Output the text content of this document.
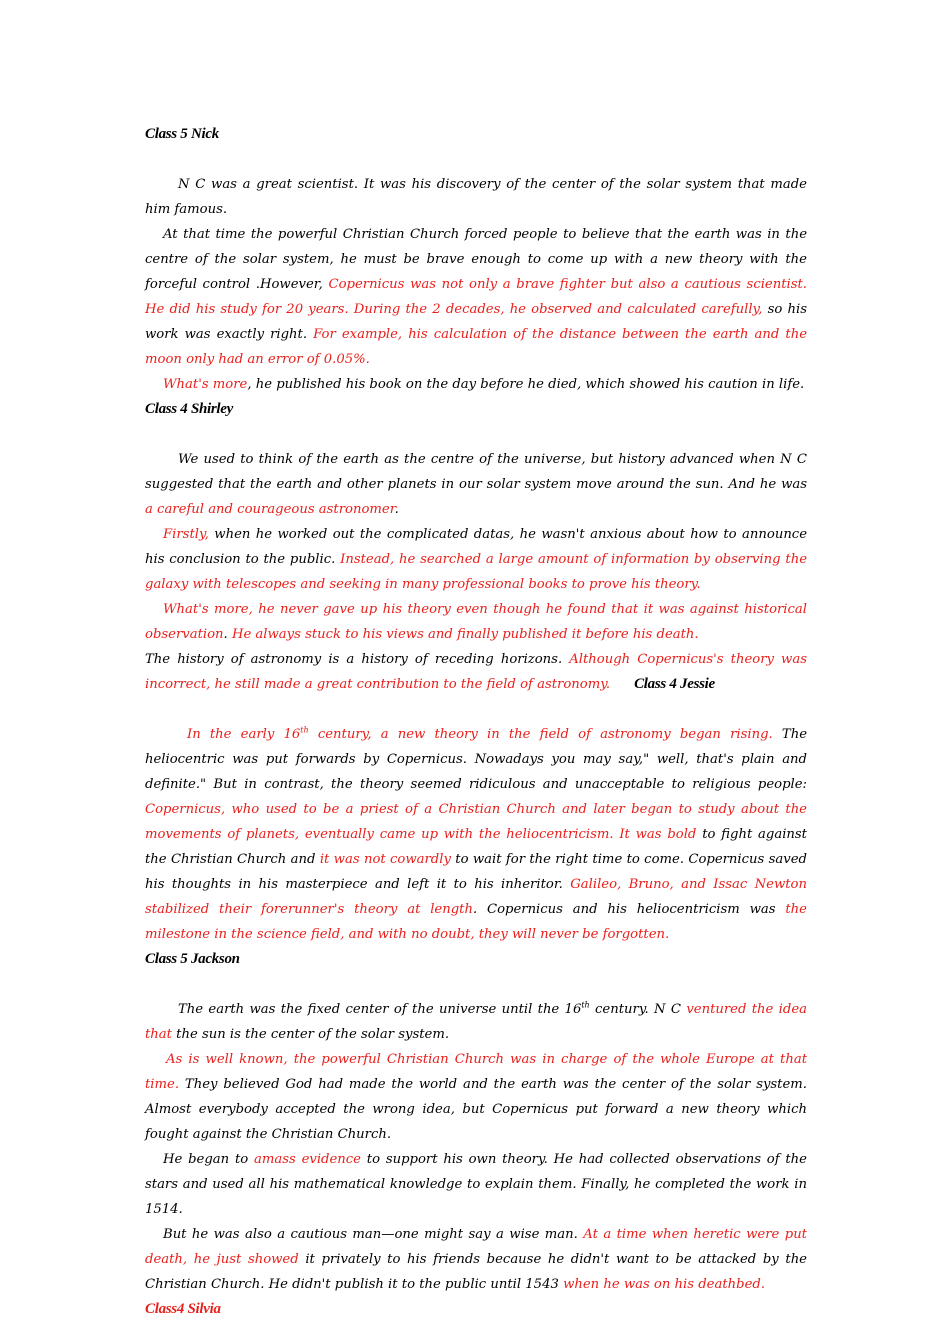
Class 5 Nick

N C was a great scientist. It was his discovery of the center of the solar system that made him famous.

At that time the powerful Christian Church forced people to believe that the earth was in the centre of the solar system, he must be brave enough to come up with a new theory with the forceful control .However, Copernicus was not only a brave fighter but also a cautious scientist. He did his study for 20 years. During the 2 decades, he observed and calculated carefully, so his work was exactly right. For example, his calculation of the distance between the earth and the moon only had an error of 0.05%.

What's more, he published his book on the day before he died, which showed his caution in life.

Class 4 Shirley

We used to think of the earth as the centre of the universe, but history advanced when N C suggested that the earth and other planets in our solar system move around the sun. And he was a careful and courageous astronomer.

Firstly, when he worked out the complicated datas, he wasn't anxious about how to announce his conclusion to the public. Instead, he searched a large amount of information by observing the galaxy with telescopes and seeking in many professional books to prove his theory.

What's more, he never gave up his theory even though he found that it was against historical observation. He always stuck to his views and finally published it before his death.

The history of astronomy is a history of receding horizons. Although Copernicus's theory was incorrect, he still made a great contribution to the field of astronomy. Class 4 Jessie

In the early 16th century, a new theory in the field of astronomy began rising. The heliocentric was put forwards by Copernicus. Nowadays you may say," well, that's plain and definite." But in contrast, the theory seemed ridiculous and unacceptable to religious people: Copernicus, who used to be a priest of a Christian Church and later began to study about the movements of planets, eventually came up with the heliocentricism. It was bold to fight against the Christian Church and it was not cowardly to wait for the right time to come. Copernicus saved his thoughts in his masterpiece and left it to his inheritor. Galileo, Bruno, and Issac Newton stabilized their forerunner's theory at length. Copernicus and his heliocentricism was the milestone in the science field, and with no doubt, they will never be forgotten.

Class 5 Jackson

The earth was the fixed center of the universe until the 16th century. N C ventured the idea that the sun is the center of the solar system.

As is well known, the powerful Christian Church was in charge of the whole Europe at that time. They believed God had made the world and the earth was the center of the solar system. Almost everybody accepted the wrong idea, but Copernicus put forward a new theory which fought against the Christian Church.

He began to amass evidence to support his own theory. He had collected observations of the stars and used all his mathematical knowledge to explain them. Finally, he completed the work in 1514.

But he was also a cautious man—one might say a wise man. At a time when heretic were put death, he just showed it privately to his friends because he didn't want to be attacked by the Christian Church. He didn't publish it to the public until 1543 when he was on his deathbed.

Class4 Silvia
